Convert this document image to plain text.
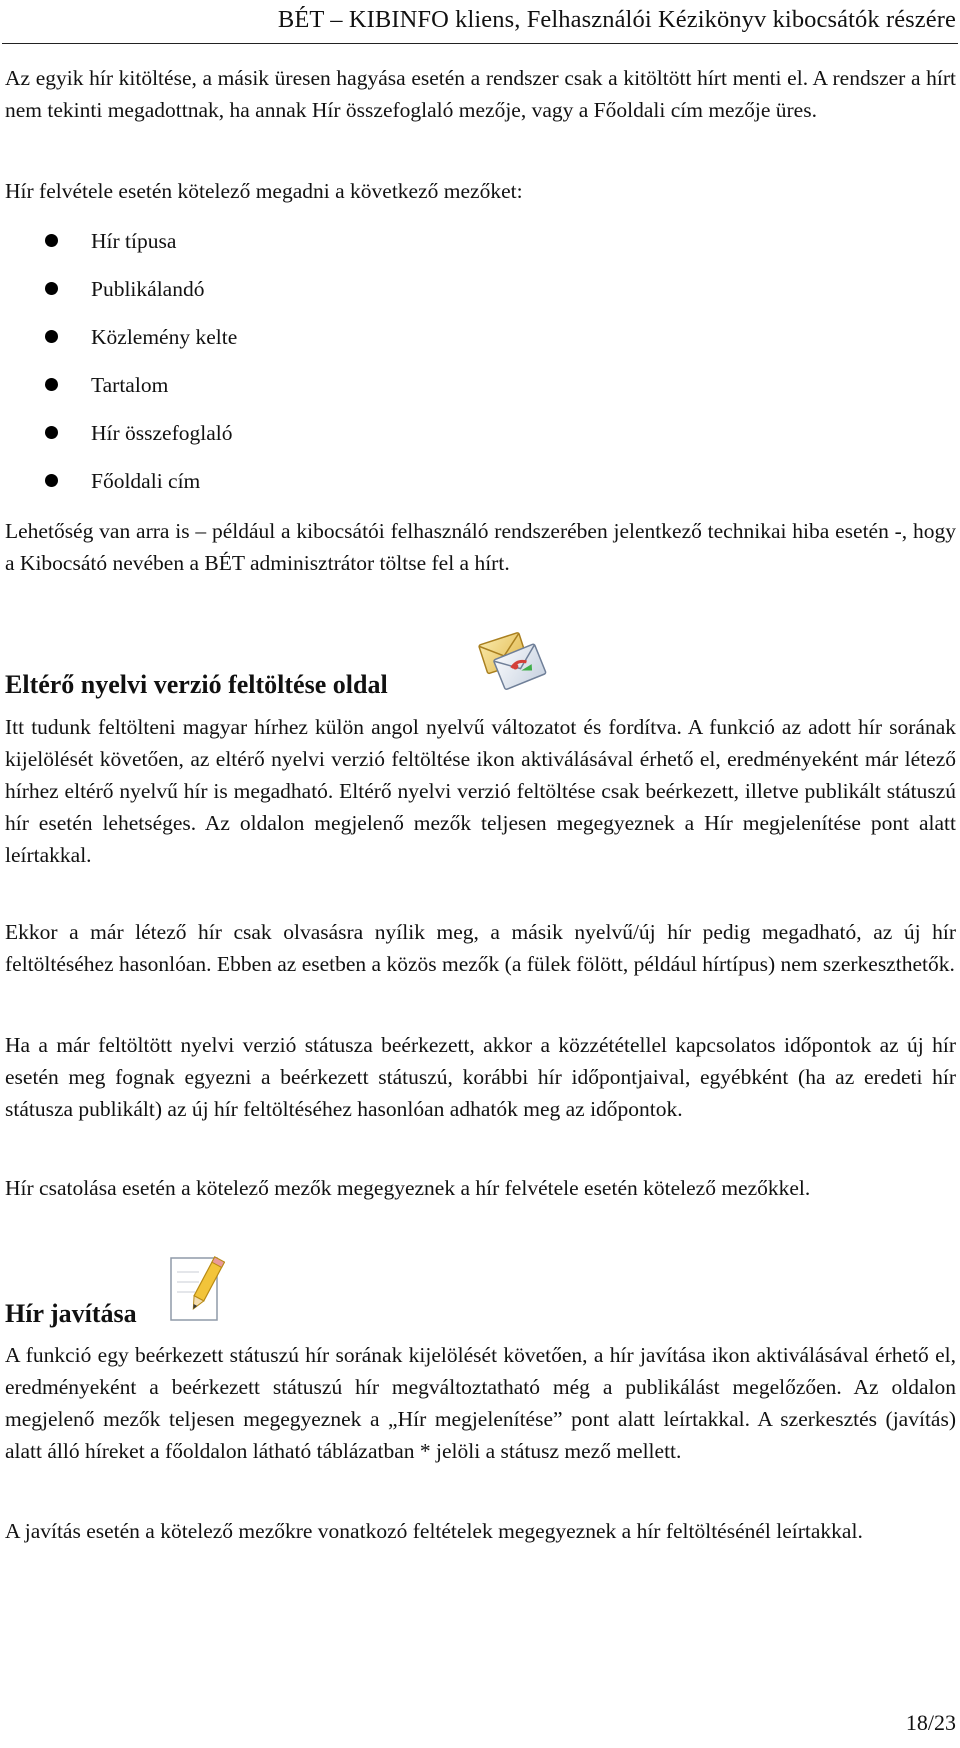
BÉT – KIBINFO kliens, Felhasználói Kézikönyv kibocsátók részére

Az egyik hír kitöltése, a másik üresen hagyása esetén a rendszer csak a kitöltött hírt menti el. A rendszer a hírt nem tekinti megadottnak, ha annak Hír összefoglaló mezője, vagy a Főoldali cím mezője üres.

Hír felvétele esetén kötelező megadni a következő mezőket:

Hír típusa
Publikálandó
Közlemény kelte
Tartalom
Hír összefoglaló
Főoldali cím

Lehetőség van arra is – például a kibocsátói felhasználó rendszerében jelentkező technikai hiba esetén -, hogy a Kibocsátó nevében a BÉT adminisztrátor töltse fel a hírt.

Eltérő nyelvi verzió feltöltése oldal

Itt tudunk feltölteni magyar hírhez külön angol nyelvű változatot és fordítva. A funkció az adott hír sorának kijelölését követően, az eltérő nyelvi verzió feltöltése ikon aktiválásával érhető el, eredményeként már létező hírhez eltérő nyelvű hír is megadható. Eltérő nyelvi verzió feltöltése csak beérkezett, illetve publikált státuszú hír esetén lehetséges. Az oldalon megjelenő mezők teljesen megegyeznek a Hír megjelenítése pont alatt leírtakkal.

Ekkor a már létező hír csak olvasásra nyílik meg, a másik nyelvű/új hír pedig megadható, az új hír feltöltéséhez hasonlóan. Ebben az esetben a közös mezők (a fülek fölött, például hírtípus) nem szerkeszthetők.

Ha a már feltöltött nyelvi verzió státusza beérkezett, akkor a közzététellel kapcsolatos időpontok az új hír esetén meg fognak egyezni a beérkezett státuszú, korábbi hír időpontjaival, egyébként (ha az eredeti hír státusza publikált) az új hír feltöltéséhez hasonlóan adhatók meg az időpontok.

Hír csatolása esetén a kötelező mezők megegyeznek a hír felvétele esetén kötelező mezőkkel.

Hír javítása

A funkció egy beérkezett státuszú hír sorának kijelölését követően, a hír javítása ikon aktiválásával érhető el, eredményeként a beérkezett státuszú hír megváltoztatható még a publikálást megelőzően. Az oldalon megjelenő mezők teljesen megegyeznek a „Hír megjelenítése” pont alatt leírtakkal. A szerkesztés (javítás) alatt álló híreket a főoldalon látható táblázatban * jelöli a státusz mező mellett.

A javítás esetén a kötelező mezőkre vonatkozó feltételek megegyeznek a hír feltöltésénél leírtakkal.

18/23
